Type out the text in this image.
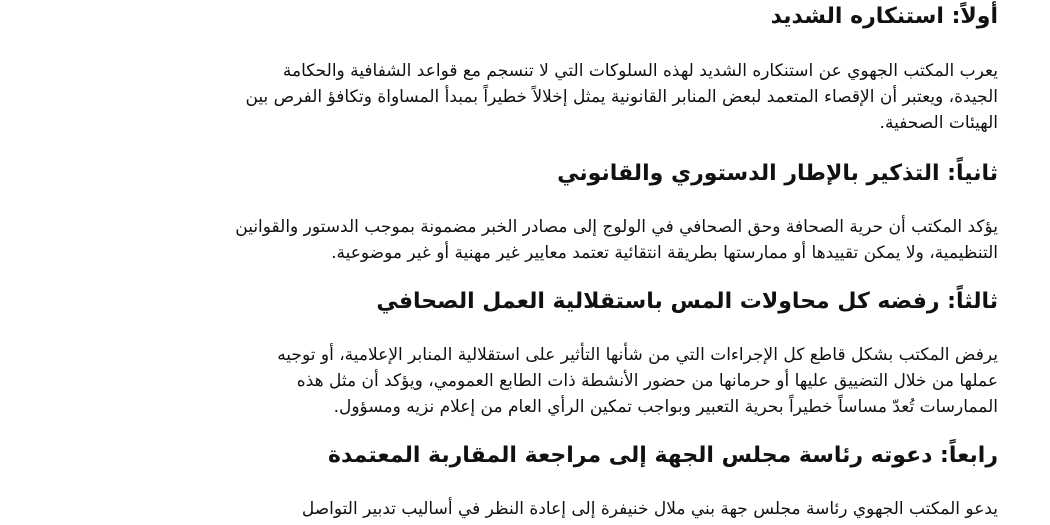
أولاً: استنكاره الشديد
يعرب المكتب الجهوي عن استنكاره الشديد لهذه السلوكات التي لا تنسجم مع قواعد الشفافية والحكامة
الجيدة، ويعتبر أن الإقصاء المتعمد لبعض المنابر القانونية يمثل إخلالاً خطيراً بمبدأ المساواة وتكافؤ الفرص بين
الهيئات الصحفية.
ثانياً: التذكير بالإطار الدستوري والقانوني
يؤكد المكتب أن حرية الصحافة وحق الصحافي في الولوج إلى مصادر الخبر مضمونة بموجب الدستور والقوانين
التنظيمية، ولا يمكن تقييدها أو ممارستها بطريقة انتقائية تعتمد معايير غير مهنية أو غير موضوعية.
ثالثاً: رفضه كل محاولات المس باستقلالية العمل الصحافي
يرفض المكتب بشكل قاطع كل الإجراءات التي من شأنها التأثير على استقلالية المنابر الإعلامية، أو توجيه
عملها من خلال التضييق عليها أو حرمانها من حضور الأنشطة ذات الطابع العمومي، ويؤكد أن مثل هذه
الممارسات تُعدّ مساساً خطيراً بحرية التعبير وبواجب تمكين الرأي العام من إعلام نزيه ومسؤول.
رابعاً: دعوته رئاسة مجلس الجهة إلى مراجعة المقاربة المعتمدة
يدعو المكتب الجهوي رئاسة مجلس جهة بني ملال خنيفرة إلى إعادة النظر في أساليب تدبير التواصل
